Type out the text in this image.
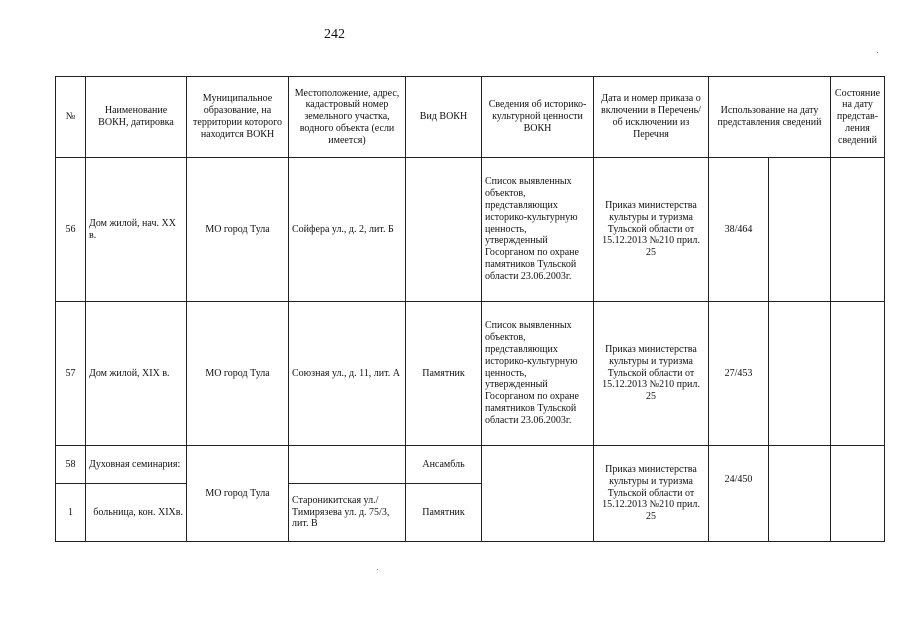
242
№	Наименование ВОКН, датировка	Муниципальное образование, на территории которого находится ВОКН	Местоположение, адрес, кадастровый номер земельного участка, водного объекта (если имеется)	Вид ВОКН	Сведения об историко-культурной ценности ВОКН	Дата и номер приказа о включении в Перечень/ об исключении из Перечня	Использование на дату представления сведений		Состояние на дату представ-ления сведений
56	Дом жилой, нач. XX в.	МО город Тула	Сойфера ул., д. 2, лит. Б		Список выявленных объектов, представляющих историко-культурную ценность, утвержденный Госорганом по охране памятников Тульской области 23.06.2003г.	Приказ министерства культуры и туризма Тульской области от 15.12.2013 №210 прил. 25	38/464		
57	Дом жилой, XIX в.	МО город Тула	Союзная ул., д. 11, лит. А	Памятник	Список выявленных объектов, представляющих историко-культурную ценность, утвержденный Госорганом по охране памятников Тульской области 23.06.2003г.	Приказ министерства культуры и туризма Тульской области от 15.12.2013 №210 прил. 25	27/453		
58	Духовная семинария:	МО город Тула		Ансамбль		Приказ министерства культуры и туризма Тульской области от 15.12.2013 №210 прил. 25	24/450		
1	больница, кон. XIXв.		Староникитская ул./Тимирязева ул. д. 75/3, лит. В	Памятник					
